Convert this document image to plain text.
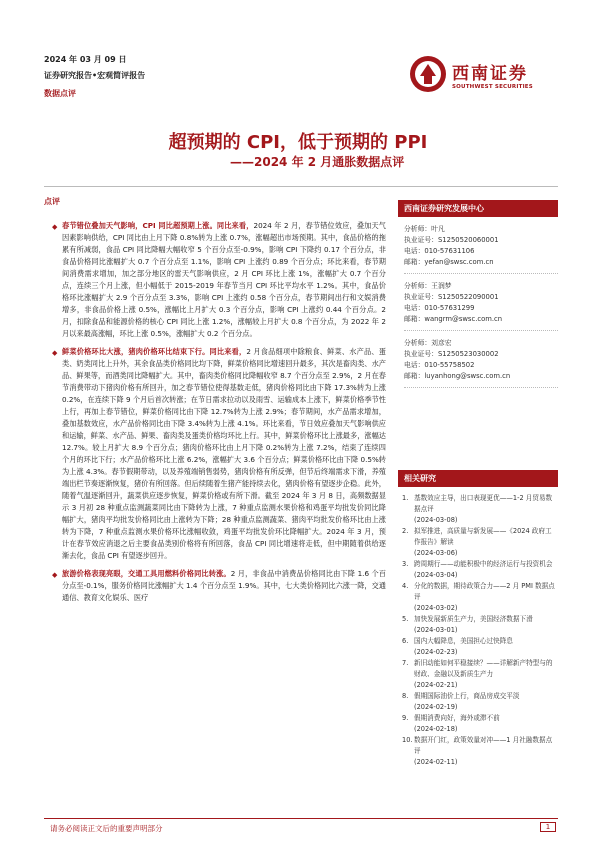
2024 年 03 月 09 日
证券研究报告•宏观简评报告
数据点评
西南证券
SOUTHWEST SECURITIES
超预期的 CPI，低于预期的 PPI
——2024 年 2 月通胀数据点评
点评
◆ 春节错位叠加天气影响，CPI 同比超预期上涨。同比来看，2024 年 2 月，春节错位效应，叠加天气因素影响供给，CPI 同比由上月下降 0.8%转为上涨 0.7%，涨幅超出市场预期。其中，食品价格的拖累有所减弱，食品 CPI 同比降幅大幅收窄 5 个百分点至-0.9%，影响 CPI 下降约 0.17 个百分点，非食品价格同比涨幅扩大 0.7 个百分点至 1.1%，影响 CPI 上涨约 0.89 个百分点；环比来看，春节期间消费需求增加，加之部分地区的雷天气影响供应，2 月 CPI 环比上涨 1%，涨幅扩大 0.7 个百分点，连续三个月上涨，但小幅低于 2015-2019 年春节当月 CPI 环比平均水平 1.2%。其中，食品价格环比涨幅扩大 2.9 个百分点至 3.3%，影响 CPI 上涨约 0.58 个百分点，春节期间出行和文娱消费增多，非食品价格上涨 0.5%，涨幅比上月扩大 0.3 个百分点，影响 CPI 上涨约 0.44 个百分点。2 月，扣除食品和能源价格的核心 CPI 同比上涨 1.2%，涨幅较上月扩大 0.8 个百分点，为 2022 年 2 月以来最高涨幅，环比上涨 0.5%，涨幅扩大 0.2 个百分点。
◆ 鲜菜价格环比大涨，猪肉价格环比结束下行。同比来看，2 月食品细项中除粮食、鲜菜、水产品、蛋类、奶类同比上升外，其余食品类价格同比均下降，鲜菜价格同比增速回升最多，其次是畜肉类、水产品、鲜果等，而酒类同比降幅扩大。其中，畜肉类价格同比降幅收窄 8.7 个百分点至 2.9%，2 月在春节消费带动下猪肉价格有所回升，加之春节错位使得基数走低，猪肉价格同比由下降 17.3%转为上涨 0.2%，在连续下降 9 个月后首次转涨；在节日需求拉动以及雨雪、运输成本上涨下，鲜菜价格季节性上行，再加上春节错位，鲜菜价格同比由下降 12.7%转为上涨 2.9%；春节期间，水产品需求增加，叠加基数效应，水产品价格同比由下降 3.4%转为上涨 4.1%。环比来看，节日效应叠加天气影响供应和运输，鲜菜、水产品、鲜果、畜肉类及蛋类价格均环比上行。其中，鲜菜价格环比上涨最多，涨幅达 12.7%。较上月扩大 8.9 个百分点；猪肉价格环比由上月下降 0.2%转为上涨 7.2%，结束了连续四个月的环比下行；水产品价格环比上涨 6.2%，涨幅扩大 3.6 个百分点；鲜菜价格环比由下降 0.5%转为上涨 4.3%。春节假期带动，以及养殖端销售弱势，猪肉价格有所反弹，但节后终端需求下滑，养殖端出栏节奏逐渐恢复，猪价有所回落。但后续随着生猪产能持续去化，猪肉价格有望逐步企稳。此外，随着气温逐渐回升，蔬菜供应逐步恢复，鲜菜价格或有所下滑。截至 2024 年 3 月 8 日，高频数据显示 3 月初 28 种重点监测蔬菜同比由下降转为上涨，7 种重点监测水果价格和鸡蛋平均批发价同比降幅扩大，猪肉平均批发价格同比由上涨转为下降；28 种重点监测蔬菜、猪肉平均批发价格环比由上涨转为下降，7 种重点监测水果价格环比涨幅收敛，鸡蛋平均批发价环比降幅扩大。2024 年 3 月，预计在春节效应消退之后主要食品类别价格将有所回落，食品 CPI 同比增速将走低，但中期随着供给逐渐去化，食品 CPI 有望逐步回升。
◆ 旅游价格表现亮眼，交通工具用燃料价格同比转涨。2 月，非食品中消费品价格同比由下降 1.6 个百分点至-0.1%，服务价格同比涨幅扩大 1.4 个百分点至 1.9%。其中，七大类价格同比六涨一降，交通通信、教育文化娱乐、医疗
西南证券研究发展中心
分析师：叶凡
执业证号：S1250520060001
电话：010-57631106
邮箱：yefan@swsc.com.cn
分析师：王润梦
执业证号：S1250522090001
电话：010-57631299
邮箱：wangrm@swsc.com.cn
分析师：刘彦宏
执业证号：S1250523030002
电话：010-55758502
邮箱：luyanhong@swsc.com.cn
相关研究
1. 基数效应主导，出口表现更优——1-2 月贸易数据点评
(2024-03-08)
2. 拟军推进，高质量与新发展——《2024 政府工作报告》解读
(2024-03-06)
3. 跨周期行——动能积极中的经济运行与投资机会
(2024-03-04)
4. 分化的数据，期待政策合力——2 月 PMI 数据点评
(2024-03-02)
5. 加快发展新质生产力，美国经济数据下滑
(2024-03-01)
6. 国内大幅降息，美国担心过快降息
(2024-02-23)
7. 新旧动能如何平稳接续？——详解新产特型与的财政、金融以及新质生产力
(2024-02-21)
8. 假期国际油价上行，商品房成交平淡
(2024-02-19)
9. 假期消费向好，海外或滞不前
(2024-02-18)
10. 数据开门红，政策效量对冲——1 月社融数据点评
(2024-02-11)
请务必阅读正文后的重要声明部分	1
